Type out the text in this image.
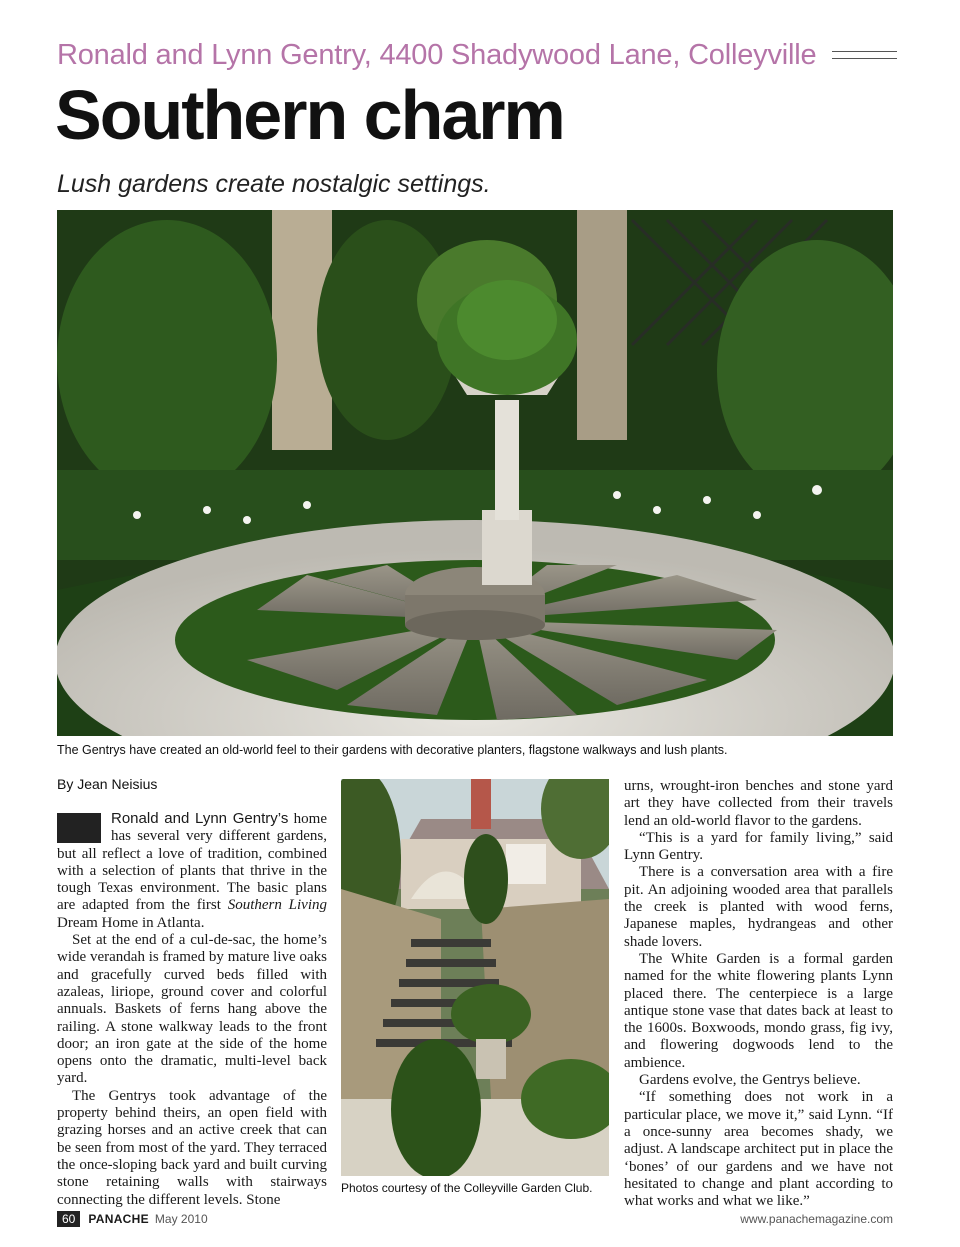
Ronald and Lynn Gentry, 4400 Shadywood Lane, Colleyville
Southern charm
Lush gardens create nostalgic settings.
The Gentrys have created an old-world feel to their gardens with decorative planters, flagstone walkways and lush plants.
By Jean Neisius

Ronald and Lynn Gentry’s home has several very different gardens, but all reflect a love of tradition, combined with a selection of plants that thrive in the tough Texas environment. The basic plans are adapted from the first Southern Living Dream Home in Atlanta.

Set at the end of a cul-de-sac, the home’s wide verandah is framed by mature live oaks and gracefully curved beds filled with azaleas, liriope, ground cover and colorful annuals. Baskets of ferns hang above the railing. A stone walkway leads to the front door; an iron gate at the side of the home opens onto the dramatic, multi-level back yard.

The Gentrys took advantage of the property behind theirs, an open field with grazing horses and an active creek that can be seen from most of the yard. They terraced the once-sloping back yard and built curving stone retaining walls with stairways connecting the different levels. Stone

Photos courtesy of the Colleyville Garden Club.

urns, wrought-iron benches and stone yard art they have collected from their travels lend an old-world flavor to the gardens.

“This is a yard for family living,” said Lynn Gentry.

There is a conversation area with a fire pit. An adjoining wooded area that parallels the creek is planted with wood ferns, Japanese maples, hydrangeas and other shade lovers.

The White Garden is a formal garden named for the white flowering plants Lynn placed there. The centerpiece is a large antique stone vase that dates back at least to the 1600s. Boxwoods, mondo grass, fig ivy, and flowering dogwoods lend to the ambience.

Gardens evolve, the Gentrys believe.

“If something does not work in a particular place, we move it,” said Lynn. “If a once-sunny area becomes shady, we adjust. A landscape architect put in place the ‘bones’ of our gardens and we have not hesitated to change and plant according to what works and what we like.”

60	PANACHE May 2010	www.panachemagazine.com
